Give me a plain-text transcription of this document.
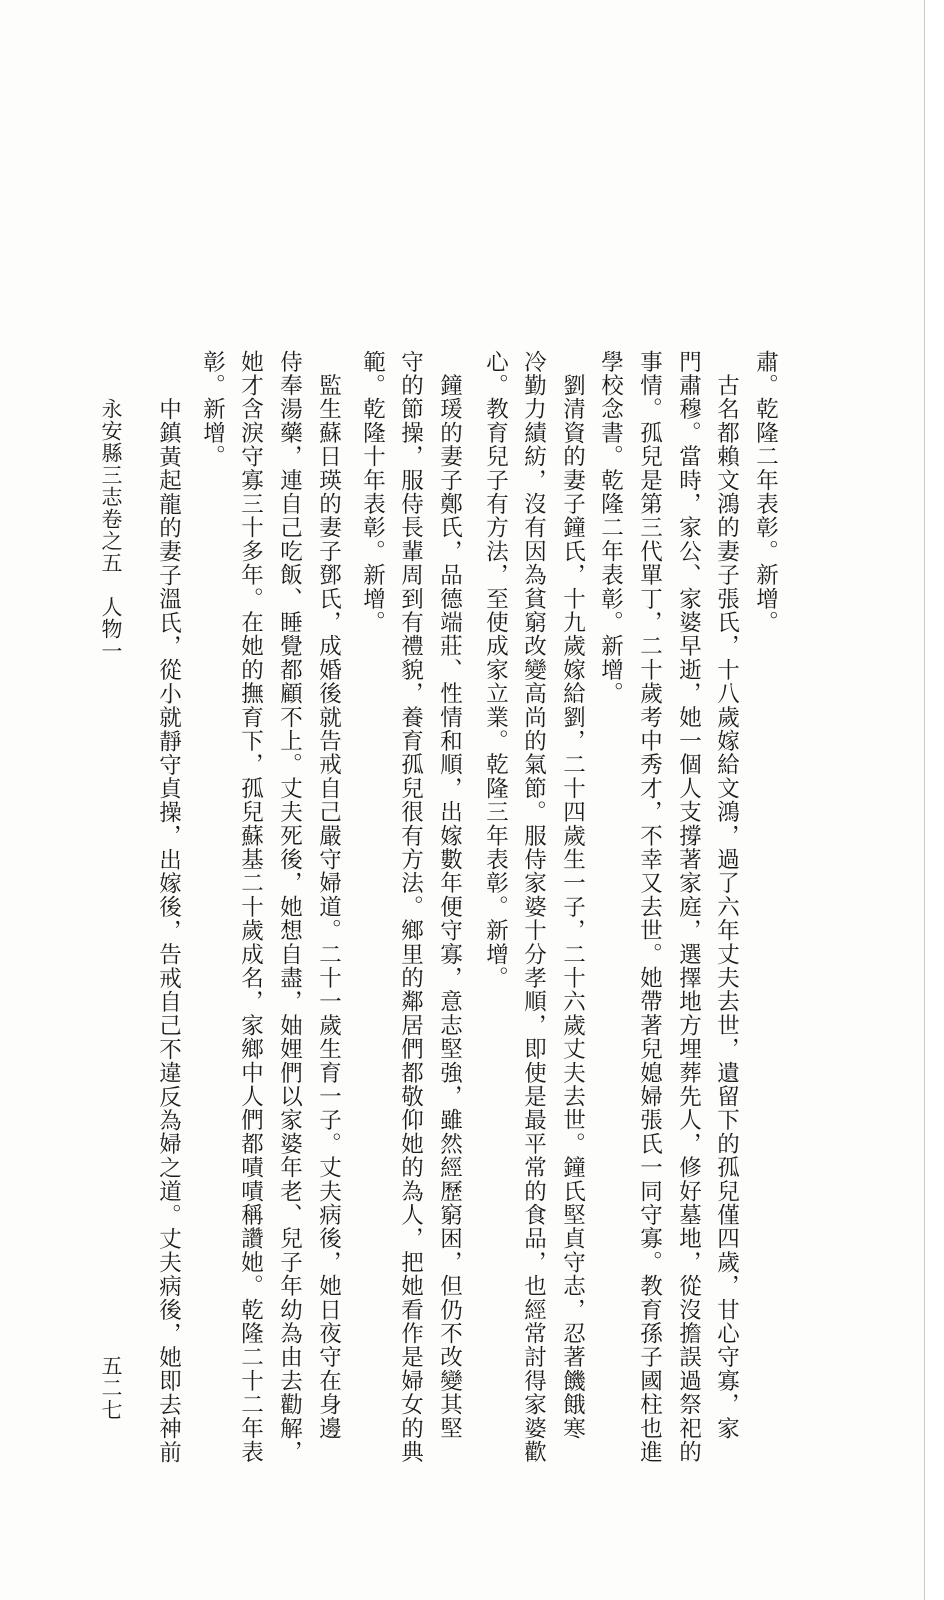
肅。乾隆二年表彰。新增。
　古名都賴文鴻的妻子張氏，十八歲嫁給文鴻，過了六年丈夫去世，遺留下的孤兒僅四歲，甘心守寡，家
門肅穆。當時，家公、家婆早逝，她一個人支撐著家庭，選擇地方埋葬先人，修好墓地，從沒擔誤過祭祀的
事情。孤兒是第三代單丁，二十歲考中秀才，不幸又去世。她帶著兒媳婦張氏一同守寡。教育孫子國柱也進
學校念書。乾隆二年表彰。新增。
　劉清資的妻子鐘氏，十九歲嫁給劉，二十四歲生一子，二十六歲丈夫去世。鐘氏堅貞守志，忍著饑餓寒
冷勤力績紡，沒有因為貧窮改變高尚的氣節。服侍家婆十分孝順，即使是最平常的食品，也經常討得家婆歡
心。教育兒子有方法，至使成家立業。乾隆三年表彰。新增。
　鐘瑗的妻子鄭氏，品德端莊、性情和順，出嫁數年便守寡，意志堅強，雖然經歷窮困，但仍不改變其堅
守的節操，服侍長輩周到有禮貌，養育孤兒很有方法。鄉里的鄰居們都敬仰她的為人，把她看作是婦女的典
範。乾隆十年表彰。新增。
　監生蘇日瑛的妻子鄧氏，成婚後就告戒自己嚴守婦道。二十一歲生育一子。丈夫病後，她日夜守在身邊
侍奉湯藥，連自己吃飯、睡覺都顧不上。丈夫死後，她想自盡，妯娌們以家婆年老、兒子年幼為由去勸解，
她才含淚守寡三十多年。在她的撫育下，孤兒蘇基二十歲成名，家鄉中人們都嘖嘖稱讚她。乾隆二十二年表
彰。新增。
　中鎮黃起龍的妻子溫氏，從小就靜守貞操，出嫁後，告戒自己不違反為婦之道。丈夫病後，她即去神前
永安縣三志卷之五　人物一
五二七
